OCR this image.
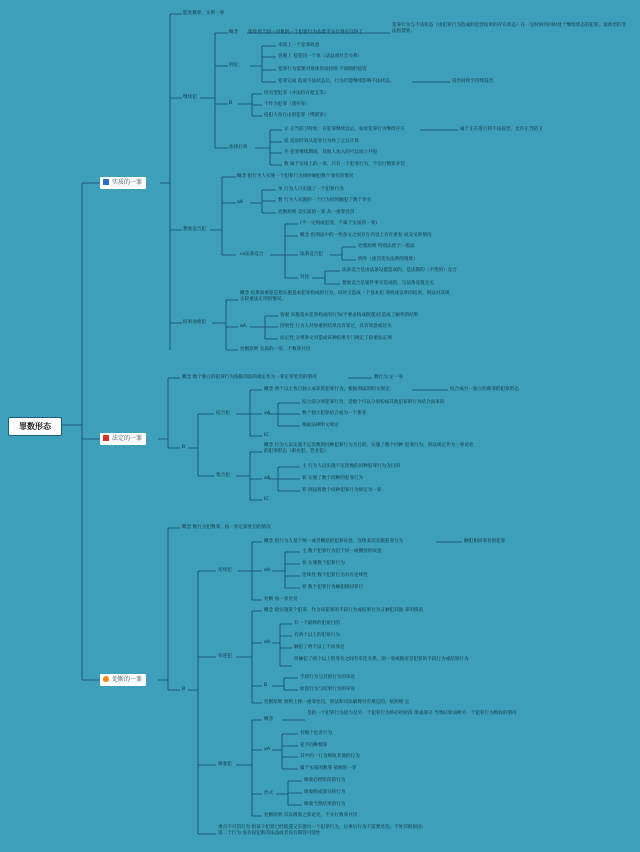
罪数形态
实质的一罪
法定的一罪
处断的一罪
能处数罪，实则一罪
继续犯
概念 指作用于同一对象的一个犯罪行为从着手实行到实行终了
犯罪行为与不法状态（由犯罪行为造成的危害结果的存在状态）在一定时间内同时处于继续状态的犯罪。最典型的非法拘禁罪。
特征：
本质上一个犯罪故意
客观上 侵犯同一个体（法益或社会关系）
犯罪行为需要对客体形成持续 不间断的侵害
犯罪完成 造成不法状态后，行为仍能继续影响不法状态。	侵害持续至持续侵害
B
持有型犯罪（并法持有枪支等）
不作为犯罪（遗弃罪）
侵犯人身自由的犯罪（绑架罪）
法律后果
正 正当防卫时机：在犯罪继续以后，如果犯罪行为继续存在
追 追诉时效从犯罪行为终了之日计算
共 犯罪继续期间，其他人加入的可以成立共犯
数 属于实质上的一罪，只有一个犯罪行为，不实行数罪并罚
属于正在进行的不法侵害，允许正当防卫
想象竞合犯
概念 指行为人实施一个犯罪行为同时触犯数个罪名的情况
aA
单 行为人只实施了一个犯罪行为
数 行为人实施的一个行为同时触犯了数个罪名
处断原则 是实质的一罪 从一重罪处罚
vs法条竞合
(不一定构成犯罪，不属于实质的一罪)
概念 指刑法中的一些条文之间存在内容上存在重复 或交叉的情况
法条竞合犯
处理原则 特别法优于一般法
例外（重罚优先法则的情景）
对比
法条竞合是由法条设置造成的，是法制的（不变的）竞合
想象竞合是案件事实造成的，与法条设置无关
结果加重犯
概念 结果加重犯是指实施基本犯罪构成的行为，同时又造成一个基本犯 罪构成以外的结果，刑法对其规定较重法定刑的情况。
aA
客观 实施基本犯罪构成的行为(不要求构成既遂)还造成了额外的结果
因果性 行为人对加重的结果具有罪过，具有故意或过失
法定性 分则条文对造成该种结果专门规定了较重法定刑
处断原则 实质的一罪，不数罪并罚
概念 数个独立的犯罪行为依据刑法的规定作为一罪定罪处罚的情况	数行为 定一罪
B
结合犯
概念 两个以上各自独立成罪的犯罪行为，根据刑法的明文规定，	结合成另一独立的新罪的犯罪形态
aA
结合前分别犯罪行为，是数个可以分别构成其他犯罪的行为结合而来的
数个独立犯罪结合成为一个新罪
根据法律明文规定
IC
集合犯
概念 行为人以实施不定次数的同种犯罪行为为目的，实施了数个同种 犯罪行为，刑法规定作为一罪论处的犯罪形态（职业犯、营业犯）
aA
主 行为人以实施不定次数的同种犯罪行为为目的
客 实施了数个同种的犯罪行为
罪 刑法将数个同种犯罪行为规定为一罪
IC
概念 数行为犯数罪，按一罪定罪处罚的情况
B
连续犯
概念 指行为人基于统一或者概括的犯罪故意，连续多次实施犯罪行为	触犯相同罪名的犯罪
aA
主 数个犯罪行为出于同一或概括的故意
客 实施数个犯罪行为
连续性 数个犯罪行为具有连续性
罪 数个犯罪行为触犯相同罪行
处断 按一罪处罚
牵连犯
概念 指实施某个犯罪，作为该犯罪的手段行为或结果行为又触犯其他 罪的情况
aA
有一个最终的犯罪目的
有两个以上的犯罪行为
触犯了两个以上不同罪名
所触犯了两个以上的罪名之间有牵连关系，即一罪或数罪是犯罪的手段行为或结果行为
B
手段行为与目的行为的牵连
原因行为与结果行为的牵连
处断原则 原则上择一重罪处罚，刑法和司法解释另有规定的，依照规 定
吸收犯
概念
是指一个犯罪行为因为是另一个犯罪行为的必经阶段 组成部分 当然结果而被另一个犯罪行为吸收的情况
aA
有数个危害行为
犯不同种数罪
其中的一行为吸收其他的行为
属于实质的数罪 依断的一罪
形式
吸收必经阶段的行为
吸收组成部分的行为
吸收当然结果的行为
处断原则 仅以吸收之罪论处，不实行数罪并罚
重点不可罚行为 指某个犯罪已经既遂又实施另一个犯罪行为，后事后行为不需要处罚。不处罚的原因：第二个行为 没有侵犯新的法益或者没有期待可能性
